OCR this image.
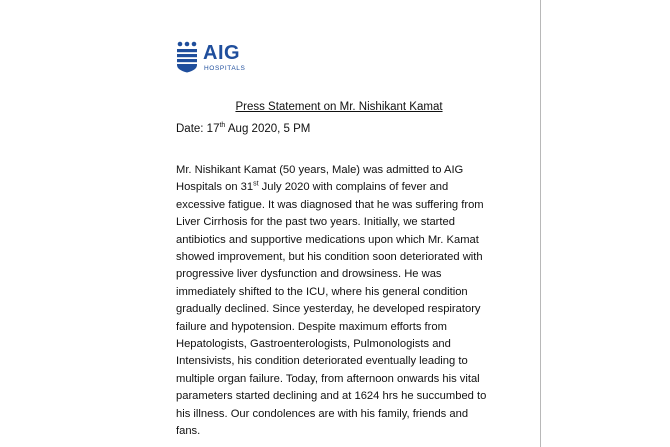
AIG
HOSPITALS
Press Statement on Mr. Nishikant Kamat

Date: 17th Aug 2020, 5 PM

Mr. Nishikant Kamat (50 years, Male) was admitted to AIG
Hospitals on 31st July 2020 with complains of fever and
excessive fatigue. It was diagnosed that he was suffering from
Liver Cirrhosis for the past two years. Initially, we started
antibiotics and supportive medications upon which Mr. Kamat
showed improvement, but his condition soon deteriorated with
progressive liver dysfunction and drowsiness. He was
immediately shifted to the ICU, where his general condition
gradually declined. Since yesterday, he developed respiratory
failure and hypotension. Despite maximum efforts from
Hepatologists, Gastroenterologists, Pulmonologists and
Intensivists, his condition deteriorated eventually leading to
multiple organ failure. Today, from afternoon onwards his vital
parameters started declining and at 1624 hrs he succumbed to
his illness. Our condolences are with his family, friends and
fans.
